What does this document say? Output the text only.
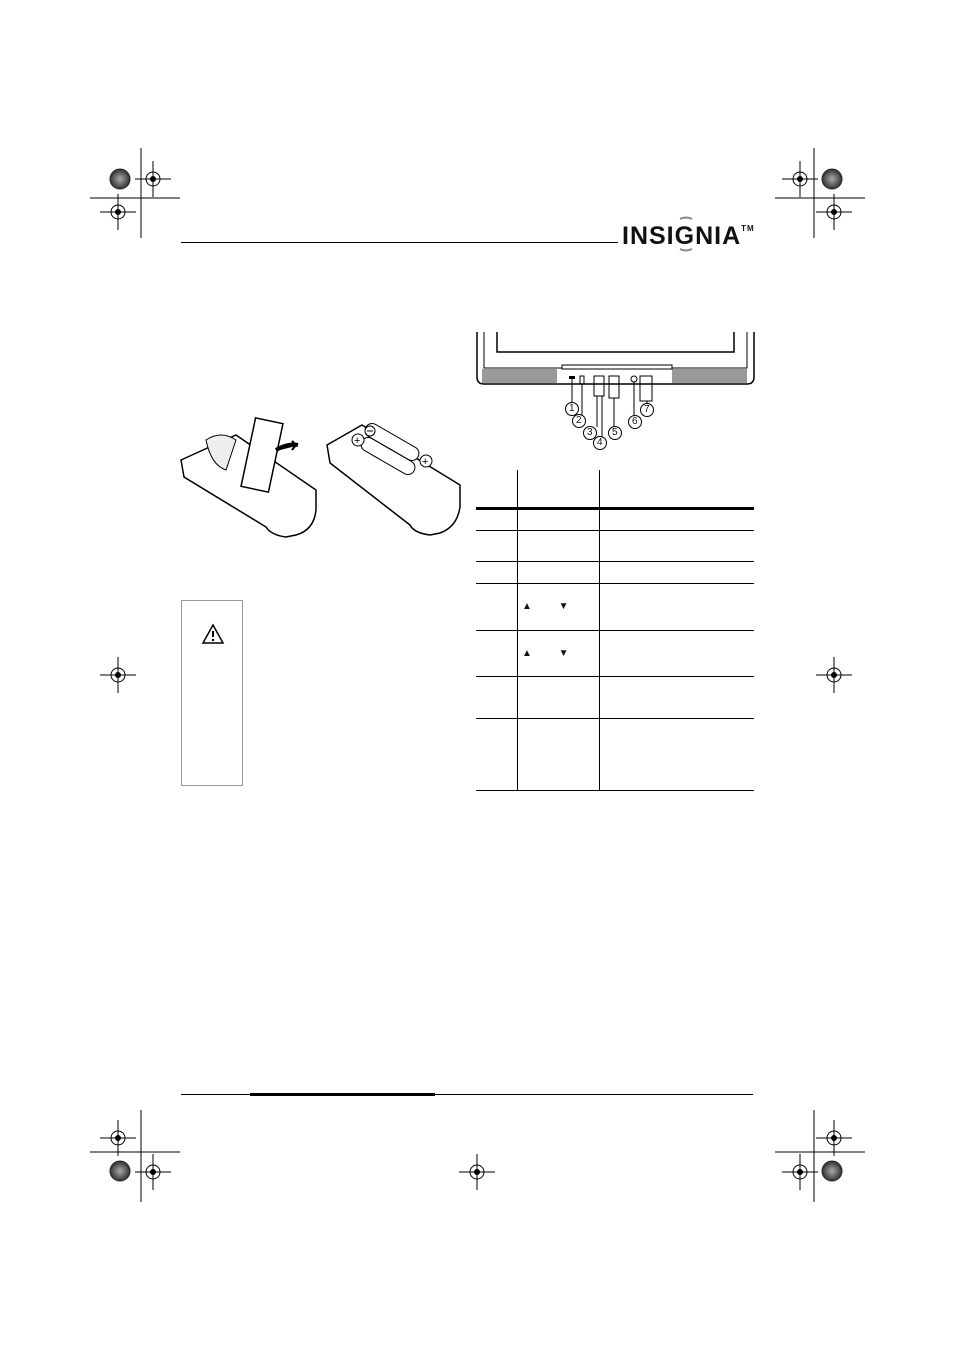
INSIGNIA™
+
+
1
2
3
4
5
6
7

	▲ ▼	
	▲ ▼	
